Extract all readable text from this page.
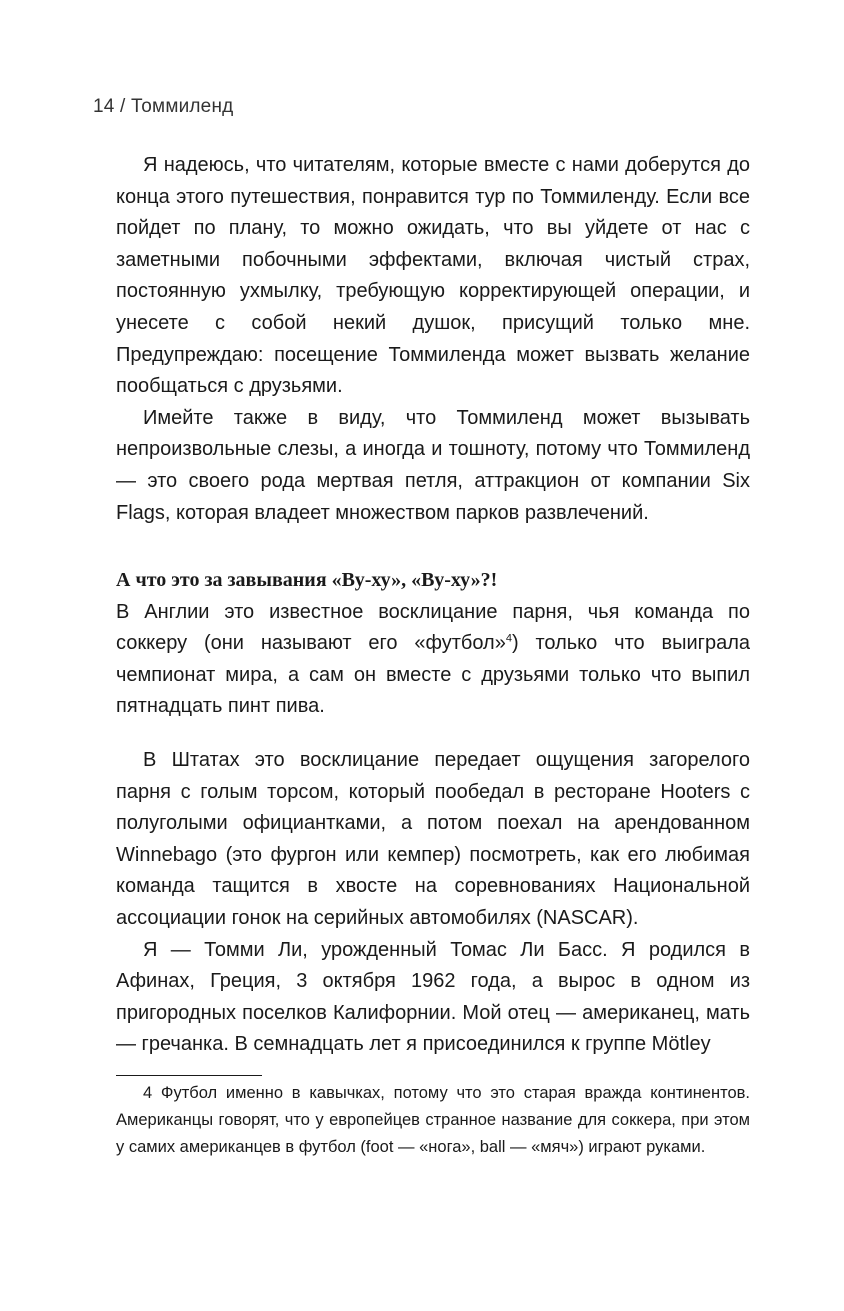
14 / Томмиленд

Я надеюсь, что читателям, которые вместе с нами доберутся до конца этого путешествия, понравится тур по Томмиленду. Если все пойдет по плану, то можно ожидать, что вы уйдете от нас с заметными побочными эффектами, включая чистый страх, постоянную ухмылку, требующую корректирующей операции, и унесете с собой некий душок, присущий только мне. Предупреждаю: посещение Томмиленда может вызвать желание пообщаться с друзьями.

Имейте также в виду, что Томмиленд может вызывать непроизвольные слезы, а иногда и тошноту, потому что Томмиленд — это своего рода мертвая петля, аттракцион от компании Six Flags, которая владеет множеством парков развлечений.

А что это за завывания «Ву-ху», «Ву-ху»?!

В Англии это известное восклицание парня, чья команда по соккеру (они называют его «футбол»$^4$) только что выиграла чемпионат мира, а сам он вместе с друзьями только что выпил пятнадцать пинт пива.

В Штатах это восклицание передает ощущения загорелого парня с голым торсом, который пообедал в ресторане Hooters с полуголыми официантками, а потом поехал на арендованном Winnebago (это фургон или кемпер) посмотреть, как его любимая команда тащится в хвосте на соревнованиях Национальной ассоциации гонок на серийных автомобилях (NASCAR).

Я — Томми Ли, урожденный Томас Ли Басс. Я родился в Афинах, Греция, 3 октября 1962 года, а вырос в одном из пригородных поселков Калифорнии. Мой отец — американец, мать — гречанка. В семнадцать лет я присоединился к группе Mötley

4 Футбол именно в кавычках, потому что это старая вражда континентов. Американцы говорят, что у европейцев странное название для соккера, при этом у самих американцев в футбол (foot — «нога», ball — «мяч») играют руками.
